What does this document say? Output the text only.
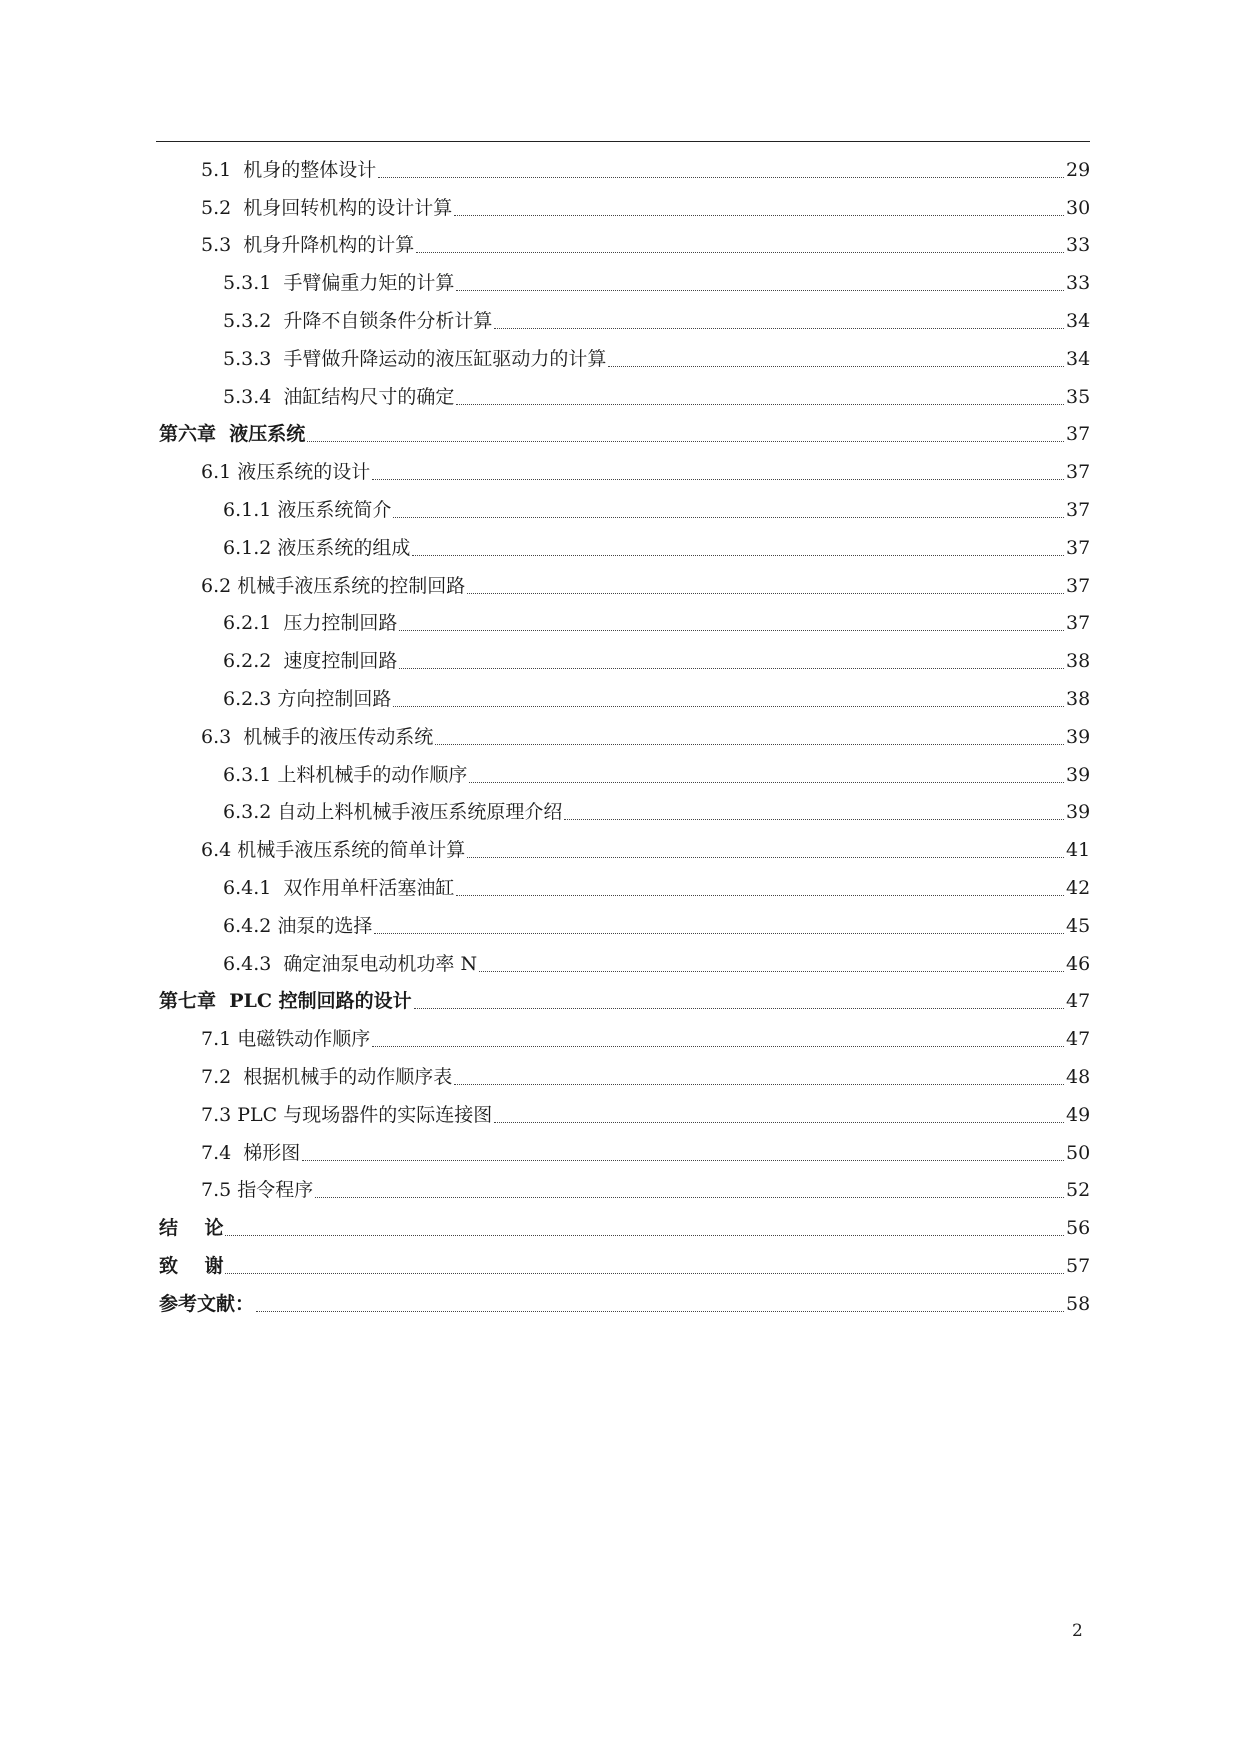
5.1  机身的整体设计	29
5.2  机身回转机构的设计计算	30
5.3  机身升降机构的计算	33
5.3.1  手臂偏重力矩的计算	33
5.3.2  升降不自锁条件分析计算	34
5.3.3  手臂做升降运动的液压缸驱动力的计算	34
5.3.4  油缸结构尺寸的确定	35
第六章  液压系统	37
6.1 液压系统的设计	37
6.1.1 液压系统简介	37
6.1.2 液压系统的组成	37
6.2 机械手液压系统的控制回路	37
6.2.1  压力控制回路	37
6.2.2  速度控制回路	38
6.2.3 方向控制回路	38
6.3  机械手的液压传动系统	39
6.3.1 上料机械手的动作顺序	39
6.3.2 自动上料机械手液压系统原理介绍	39
6.4 机械手液压系统的简单计算	41
6.4.1  双作用单杆活塞油缸	42
6.4.2 油泵的选择	45
6.4.3  确定油泵电动机功率 N	46
第七章  PLC 控制回路的设计	47
7.1 电磁铁动作顺序	47
7.2  根据机械手的动作顺序表	48
7.3 PLC 与现场器件的实际连接图	49
7.4  梯形图	50
7.5 指令程序	52
结    论	56
致    谢	57
参考文献：	58
2
